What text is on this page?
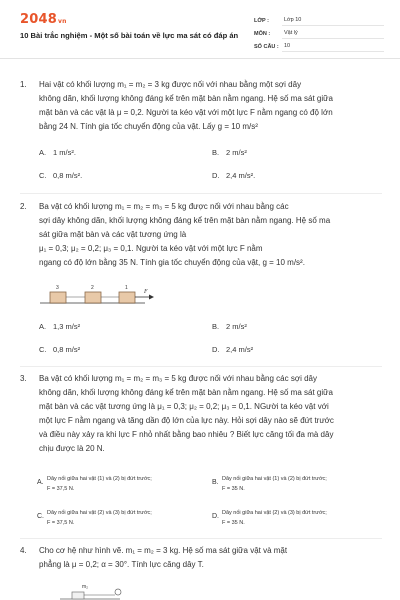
2048vn
10 Bài trắc nghiệm - Một số bài toán về lực ma sát có đáp án
LỚP :	Lớp 10
MÔN :	Vật lý
SỐ CÂU : 10
1. Hai vật có khối lượng m₁ = m₂ = 3 kg được nối với nhau bằng một sợi dây
không dãn, khối lượng không đáng kể trên mặt bàn nằm ngang. Hệ số ma sát giữa
mặt bàn và các vật là μ = 0,2. Người ta kéo vật với một lực F nằm ngang có độ lớn
bằng 24 N. Tính gia tốc chuyển động của vật. Lấy g = 10 m/s²
A. 1 m/s².	B. 2 m/s²
C. 0,8 m/s².	D. 2,4 m/s².
2. Ba vật có khối lượng m₁ = m₂ = m₃ = 5 kg được nối với nhau bằng các
sợi dây không dãn, khối lượng không đáng kể trên mặt bàn nằm ngang. Hệ số ma
sát giữa mặt bàn và các vật tương ứng là
μ₁ = 0,3; μ₂ = 0,2; μ₃ = 0,1. Người ta kéo vật với một lực F nằm
ngang có độ lớn bằng 35 N. Tính gia tốc chuyển động của vật, g = 10 m/s².
3	2	1
F
A. 1,3 m/s²	B. 2 m/s²
C. 0,8 m/s²	D. 2,4 m/s²
3. Ba vật có khối lượng m₁ = m₂ = m₃ = 5 kg được nối với nhau bằng các sợi dây
không dãn, khối lượng không đáng kể trên mặt bàn nằm ngang. Hệ số ma sát giữa
mặt bàn và các vật tương ứng là μ₁ = 0,3; μ₂ = 0,2; μ₃ = 0,1. NGười ta kéo vật với
một lực F nằm ngang và tăng dần độ lớn của lực này. Hỏi sợi dây nào sẽ đứt trước
và điều này xảy ra khi lực F nhỏ nhất bằng bao nhiêu ? Biết lực căng tối đa mà dây
chịu được là 20 N.
A. Dây nối giữa hai vật (1) và (2) bị đứt trước;
F = 37,5 N.
B. Dây nối giữa hai vật (1) và (2) bị đứt trước;
F = 35 N.
C. Dây nối giữa hai vật (2) và (3) bị đứt trước;
F = 37,5 N.
D. Dây nối giữa hai vật (2) và (3) bị đứt trước;
F = 35 N.
4. Cho cơ hệ như hình vẽ. m₁ = m₂ = 3 kg. Hệ số ma sát giữa vật và mặt
phẳng là μ = 0,2; α = 30°. Tính lực căng dây T.
m₂
